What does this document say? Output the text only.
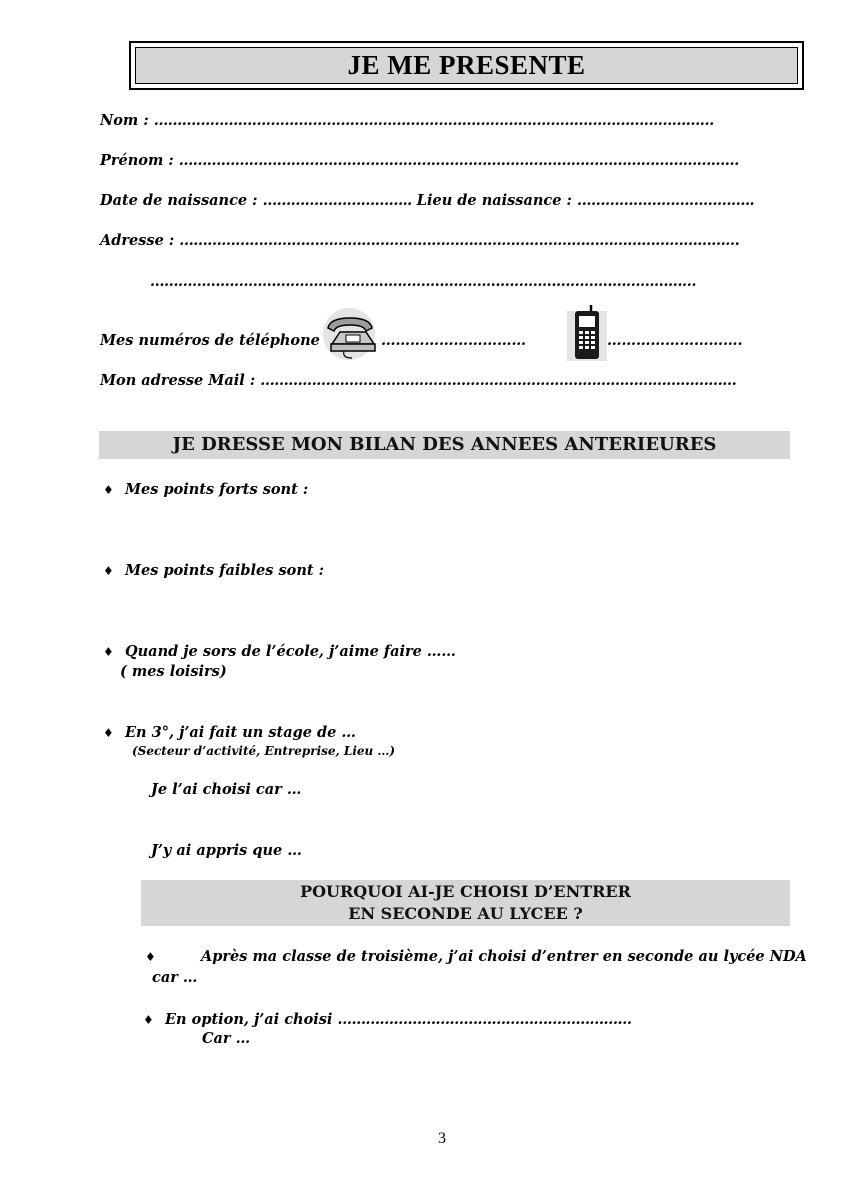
JE ME PRESENTE
Nom : …………………………………………………………………………………………………………
Prénom : …………………………………………………………………………………………………………
Date de naissance : ………………………….. Lieu de naissance : ………………………………..
Adresse : …………………………………………………………………………………………………………
………………………………………………………………………………………………………
Mes numéros de téléphone	…………………………	……………………….
Mon adresse Mail : …………………………………………………………………………………………
JE DRESSE MON BILAN DES ANNEES ANTERIEURES
♦ Mes points forts sont :
♦ Mes points faibles sont :
♦ Quand je sors de l’école, j’aime faire ……
( mes loisirs)
♦ En 3°, j’ai fait un stage de …
(Secteur d’activité, Entreprise, Lieu …)
Je l’ai choisi car …
J’y ai appris que …
POURQUOI AI-JE CHOISI D’ENTRER
EN SECONDE AU LYCEE ?
♦	Après ma classe de troisième, j’ai choisi d’entrer en seconde au lycée NDA
car …
♦ En option, j’ai choisi ………………………………………………………
Car …
3
